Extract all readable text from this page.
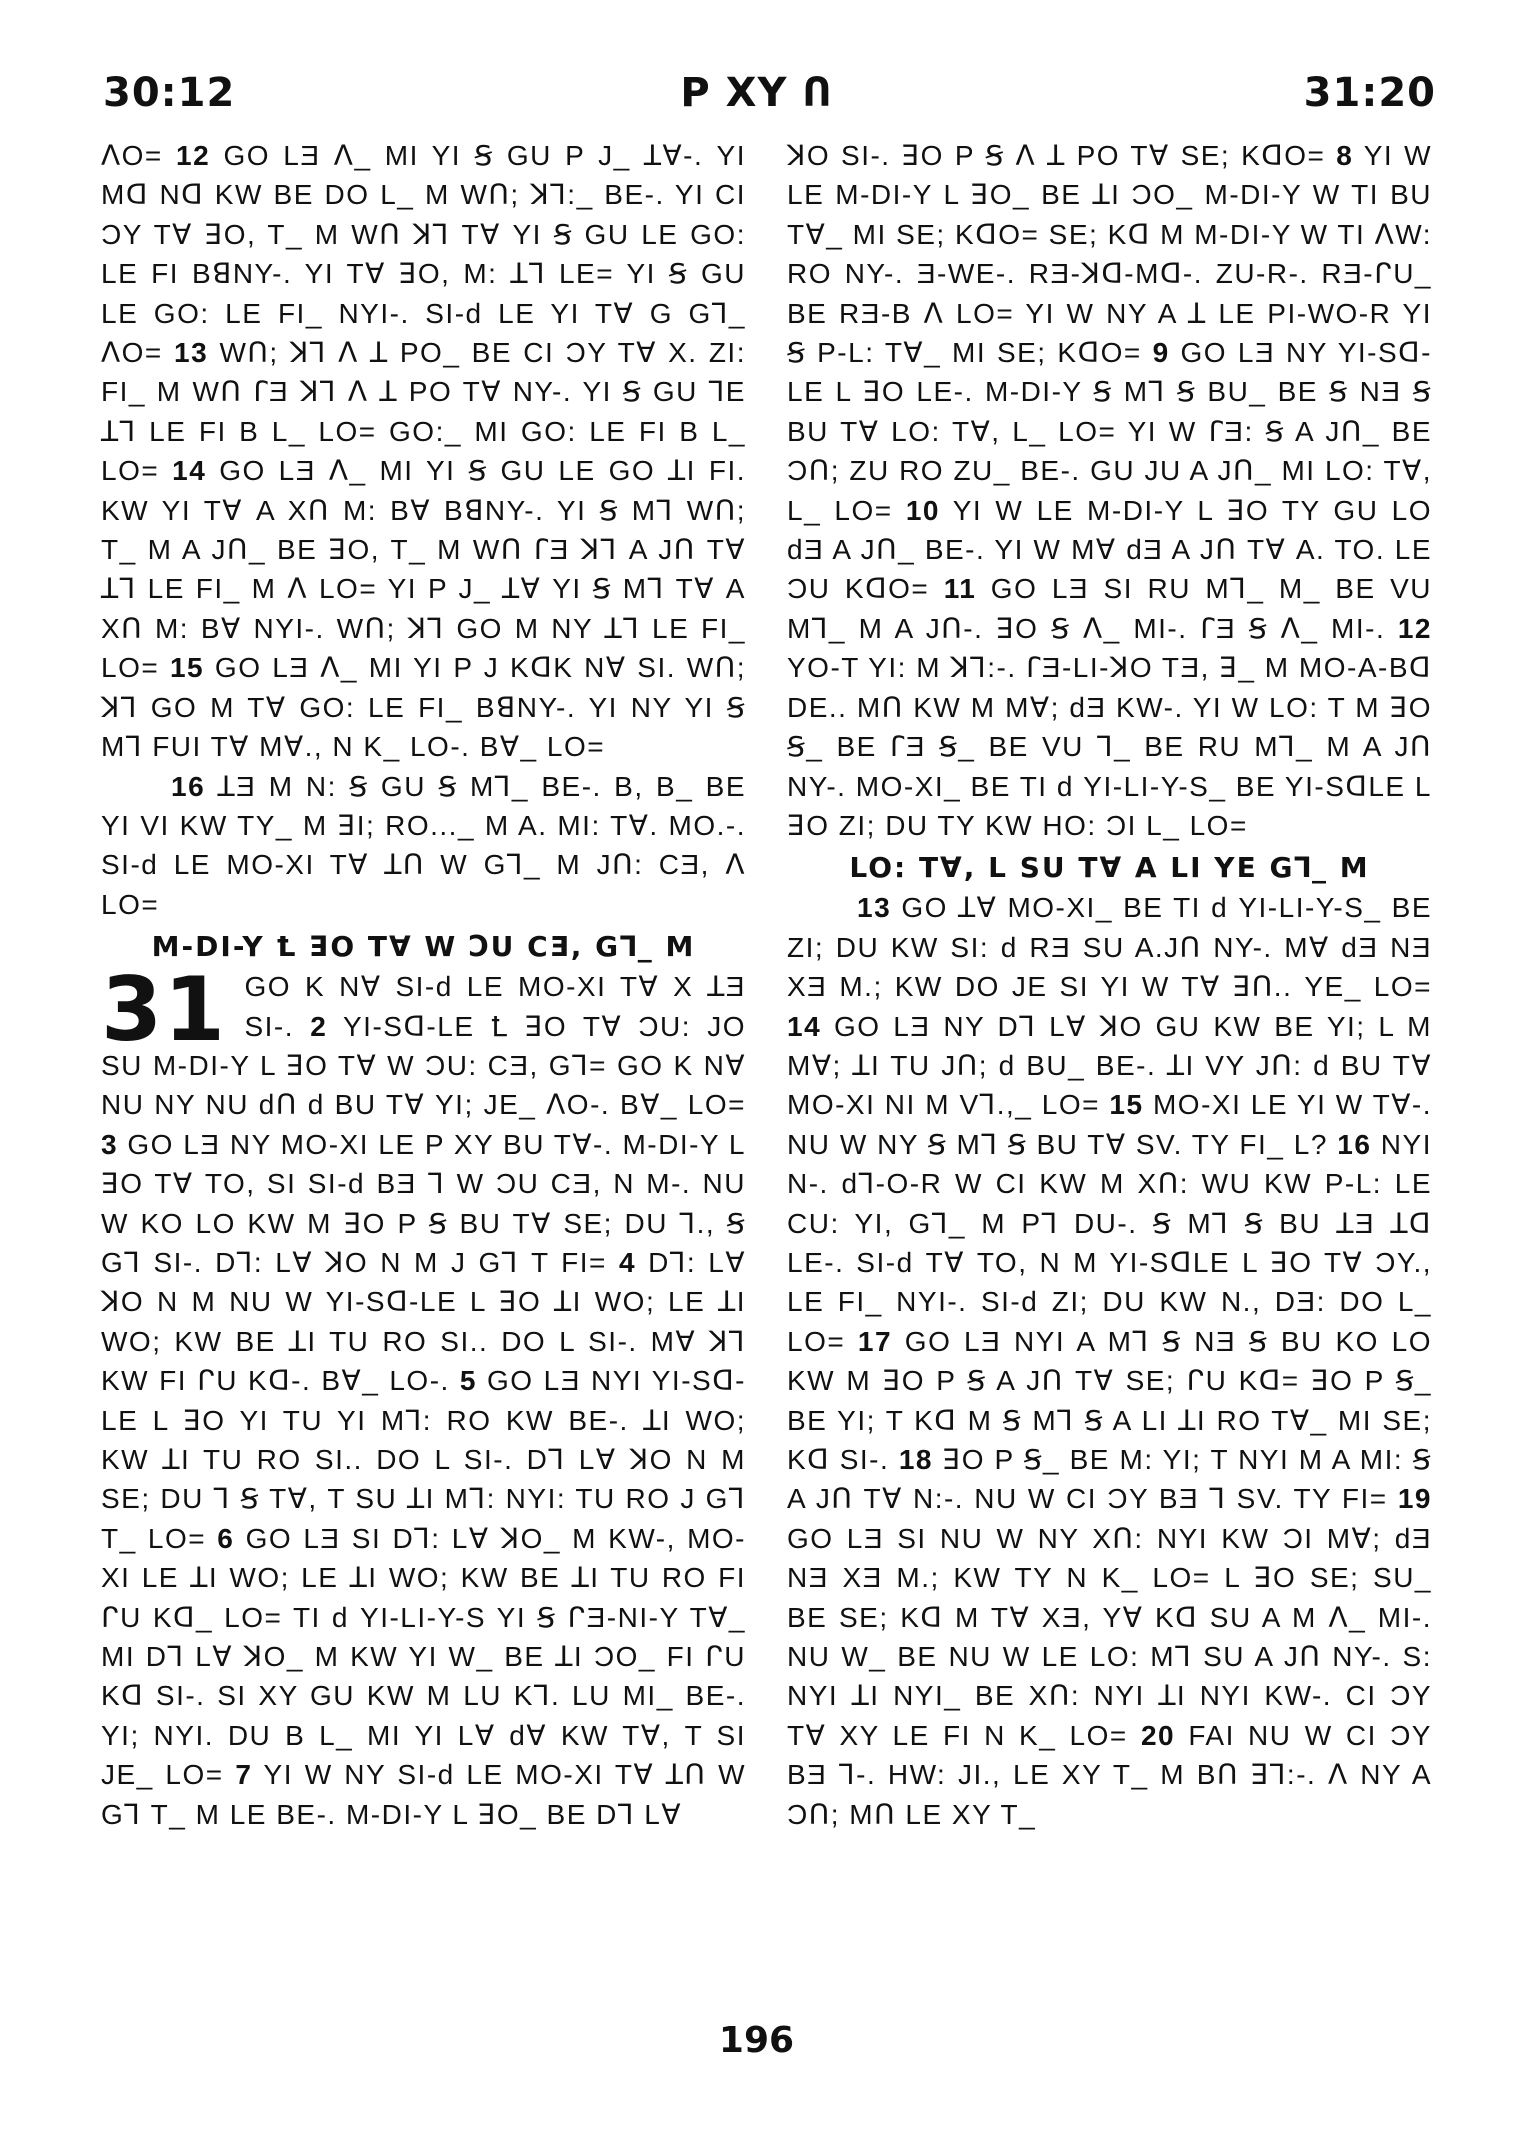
30:12	P XY Ո	31:20

ᐱO= 12 GO LƎ ᐱ_ MI YI Ꞩ GU P J_ ꓕꓯ-. YI Mᗡ Nᗡ KW BE DO L_ M WՈ; ꓘꓶ:_ BE-. YI CI ϽY Tꓯ ꓱO, T_ M WՈ ꓘꓶ Tꓯ YI Ꞩ GU LE GO: LE FI BꓭNY-. YI Tꓯ ꓱO, M: ꓕꓶ LE= YI Ꞩ GU LE GO: LE FI_ NYI-. SI-ԁ LE YI Tꓯ G Gꓶ_ ᐱO= 13 WՈ; ꓘꓶ ᐱ ꓕ PO_ BE CI ϽY Tꓯ X. ZI: FI_ M WՈ ꓩƎ ꓘꓶ ᐱ ꓕ PO Tꓯ NY-. YI Ꞩ GU ꓶE ꓕꓶ LE FI B L_ LO= GO:_ MI GO: LE FI B L_ LO= 14 GO LƎ ᐱ_ MI YI Ꞩ GU LE GO ꓕI FI. KW YI Tꓯ A XՈ M: Bꓯ BꓭNY-. YI Ꞩ Mꓶ WՈ; T_ M A JՈ_ BE ꓱO, T_ M WՈ ꓩƎ ꓘꓶ A JՈ Tꓯ ꓕꓶ LE FI_ M ᐱ LO= YI P J_ ꓕꓯ YI Ꞩ Mꓶ Tꓯ A XՈ M: Bꓯ NYI-. WՈ; ꓘꓶ GO M NY ꓕꓶ LE FI_ LO= 15 GO LƎ ᐱ_ MI YI P J KᗡK Nꓯ SI. WՈ; ꓘꓶ GO M Tꓯ GO: LE FI_ BꓭNY-. YI NY YI Ꞩ Mꓶ FUI Tꓯ Mꓯ., N K_ LO-. Bꓯ_ LO=

16 ꓕƎ M N: Ꞩ GU Ꞩ Mꓶ_ BE-. B, B_ BE YI VI KW TY_ M ꓱI; RO..._ M A. MI: Tꓯ. MO.-. SI-ԁ LE MO-XI Tꓯ ꓕՈ W Gꓶ_ M JՈ: CƎ, ᐱ LO=

M-DI-Y Ꝉ ꓱO Tꓯ W ϽU CƎ, Gꓶ_ M

31 GO K Nꓯ SI-ԁ LE MO-XI Tꓯ X ꓕƎ SI-. 2 YI-Sᗡ-LE Ꝉ ꓱO Tꓯ ϽU: JO SU M-DI-Y L ꓱO Tꓯ W ϽU: CƎ, Gꓶ= GO K Nꓯ NU NY NU ԁՈ ԁ BU Tꓯ YI; JE_ ᐱO-. Bꓯ_ LO= 3 GO LƎ NY MO-XI LE P XY BU Tꓯ-. M-DI-Y L ꓱO Tꓯ TO, SI SI-ԁ BƎ ꓶ W ϽU CƎ, N M-. NU W KO LO KW M ꓱO P Ꞩ BU Tꓯ SE; DU ꓶ., Ꞩ Gꓶ SI-. Dꓶ: Lꓯ ꓘO N M J Gꓶ T FI= 4 Dꓶ: Lꓯ ꓘO N M NU W YI-Sᗡ-LE L ꓱO ꓕI WO; LE ꓕI WO; KW BE ꓕI TU RO SI.. DO L SI-. Mꓯ ꓘꓶ KW FI ᒋU Kᗡ-. Bꓯ_ LO-. 5 GO LƎ NYI YI-Sᗡ-LE L ꓱO YI TU YI Mꓶ: RO KW BE-. ꓕI WO; KW ꓕI TU RO SI.. DO L SI-. Dꓶ Lꓯ ꓘO N M SE; DU ꓶ Ꞩ Tꓯ, T SU ꓕI Mꓶ: NYI: TU RO J Gꓶ T_ LO= 6 GO LƎ SI Dꓶ: Lꓯ ꓘO_ M KW-, MO-XI LE ꓕI WO; LE ꓕI WO; KW BE ꓕI TU RO FI ᒋU Kᗡ_ LO= TI ԁ YI-LI-Y-S YI Ꞩ ᒋƎ-NI-Y Tꓯ_ MI Dꓶ Lꓯ ꓘO_ M KW YI W_ BE ꓕI ϽO_ FI ᒋU Kᗡ SI-. SI XY GU KW M LU Kꓶ. LU MI_ BE-. YI; NYI. DU B L_ MI YI Lꓯ ԁꓯ KW Tꓯ, T SI JE_ LO= 7 YI W NY SI-ԁ LE MO-XI Tꓯ ꓕՈ W Gꓶ T_ M LE BE-. M-DI-Y L ꓱO_ BE Dꓶ Lꓯ

ꓘO SI-. ꓱO P Ꞩ ᐱ ꓕ PO Tꓯ SE; KᗡO= 8 YI W LE M-DI-Y L ꓱO_ BE ꓕI ϽO_ M-DI-Y W TI BU Tꓯ_ MI SE; KᗡO= SE; Kᗡ M M-DI-Y W TI ᐱW: RO NY-. Ǝ-WE-. RƎ-ꓘᗡ-Mᗡ-. ZU-R-. RƎ-ᒋU_ BE RƎ-B ᐱ LO= YI W NY A ꓕ LE PI-WO-R YI Ꞩ P-L: Tꓯ_ MI SE; KᗡO= 9 GO LƎ NY YI-Sᗡ-LE L ꓱO LE-. M-DI-Y Ꞩ Mꓶ Ꞩ BU_ BE Ꞩ NƎ Ꞩ BU Tꓯ LO: Tꓯ, L_ LO= YI W ꓩƎ: Ꞩ A JՈ_ BE ϽՈ; ZU RO ZU_ BE-. GU JU A JՈ_ MI LO: Tꓯ, L_ LO= 10 YI W LE M-DI-Y L ꓱO TY GU LO ԁƎ A JՈ_ BE-. YI W Mꓯ ԁƎ A JՈ Tꓯ A. TO. LE ϽU KᗡO= 11 GO LƎ SI RU Mꓶ_ M_ BE VU Mꓶ_ M A JՈ-. ꓱO Ꞩ ᐱ_ MI-. ꓩƎ Ꞩ ᐱ_ MI-. 12 YO-T YI: M ꓘꓶ:-. ꓩƎ-LI-ꓘO TƎ, ꓱ_ M MO-A-Bᗡ DE.. MՈ KW M Mꓯ; ԁƎ KW-. YI W LO: T M ꓱO Ꞩ_ BE ꓩƎ Ꞩ_ BE VU ꓶ_ BE RU Mꓶ_ M A JՈ NY-. MO-XI_ BE TI ԁ YI-LI-Y-S_ BE YI-SᗡLE L ꓱO ZI; DU TY KW HO: ϽI L_ LO=

LO: Tꓯ, L SU Tꓯ A LI YE Gꓶ_ M

13 GO ꓕꓯ MO-XI_ BE TI ԁ YI-LI-Y-S_ BE ZI; DU KW SI: ԁ RƎ SU A.JՈ NY-. Mꓯ ԁƎ NƎ XƎ M.; KW DO JE SI YI W Tꓯ ꓱՈ.. YE_ LO= 14 GO LƎ NY Dꓶ Lꓯ ꓘO GU KW BE YI; L M Mꓯ; ꓕI TU JՈ; ԁ BU_ BE-. ꓕI VY JՈ: ԁ BU Tꓯ MO-XI NI M Vꓶ.,_ LO= 15 MO-XI LE YI W Tꓯ-. NU W NY Ꞩ Mꓶ Ꞩ BU Tꓯ SV. TY FI_ L? 16 NYI N-. ԁꓶ-O-R W CI KW M XՈ: WU KW P-L: LE CU: YI, Gꓶ_ M Pꓶ DU-. Ꞩ Mꓶ Ꞩ BU ꓕƎ ꓕᗡ LE-. SI-ԁ Tꓯ TO, N M YI-SᗡLE L ꓱO Tꓯ ϽY., LE FI_ NYI-. SI-ԁ ZI; DU KW N., DƎ: DO L_ LO= 17 GO LƎ NYI A Mꓶ Ꞩ NƎ Ꞩ BU KO LO KW M ꓱO P Ꞩ A JՈ Tꓯ SE; ᒋU Kᗡ= ꓱO P Ꞩ_ BE YI; T Kᗡ M Ꞩ Mꓶ Ꞩ A LI ꓕI RO Tꓯ_ MI SE; Kᗡ SI-. 18 ꓱO P Ꞩ_ BE M: YI; T NYI M A MI: Ꞩ A JՈ Tꓯ N:-. NU W CI ϽY BƎ ꓶ SV. TY FI= 19 GO LƎ SI NU W NY XՈ: NYI KW ϽI Mꓯ; ԁƎ NƎ XƎ M.; KW TY N K_ LO= L ꓱO SE; SU_ BE SE; Kᗡ M Tꓯ XƎ, Yꓯ Kᗡ SU A M ᐱ_ MI-. NU W_ BE NU W LE LO: Mꓶ SU A JՈ NY-. S: NYI ꓕI NYI_ BE XՈ: NYI ꓕI NYI KW-. CI ϽY Tꓯ XY LE FI N K_ LO= 20 FAI NU W CI ϽY BƎ ꓶ-. HW: JI., LE XY T_ M BՈ ꓱꓶ:-. ᐱ NY A ϽՈ; MՈ LE XY T_

196
